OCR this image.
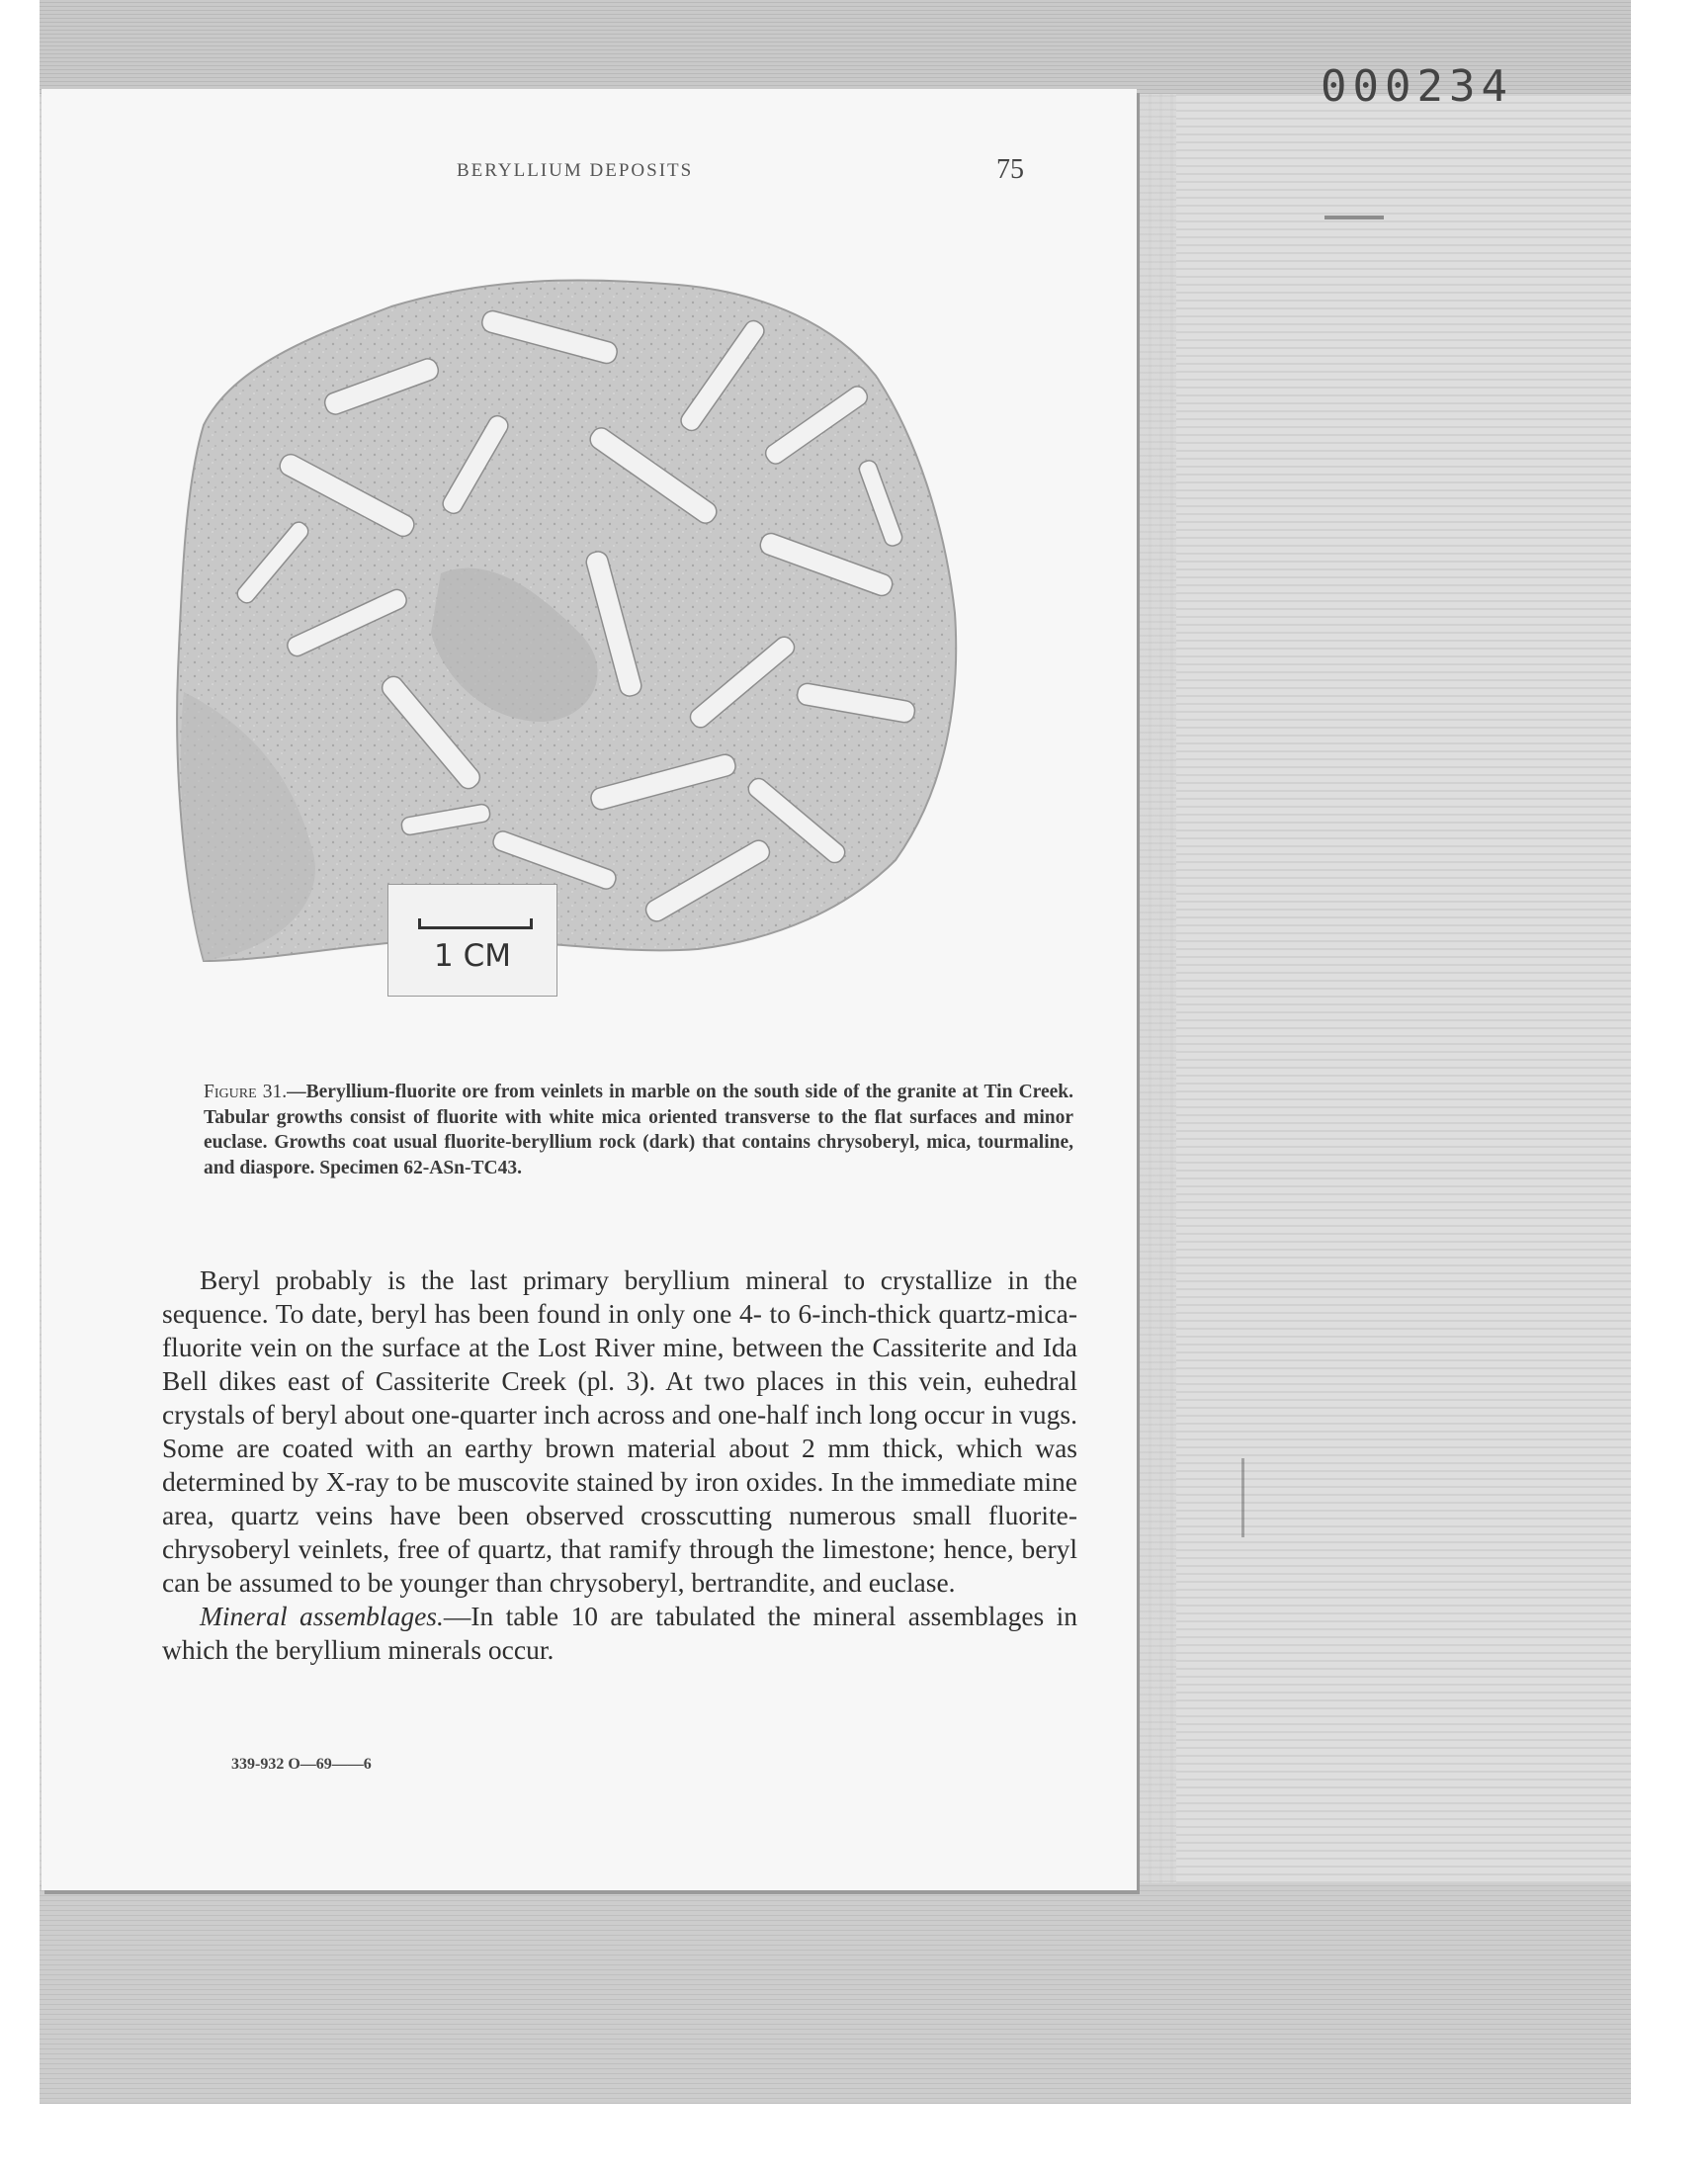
000234
BERYLLIUM DEPOSITS	75
1 CM
Figure 31.—Beryllium-fluorite ore from veinlets in marble on the south side of the granite at Tin Creek. Tabular growths consist of fluorite with white mica oriented transverse to the flat surfaces and minor euclase. Growths coat usual fluorite-beryllium rock (dark) that contains chrysoberyl, mica, tourmaline, and diaspore. Specimen 62-ASn-TC43.

Beryl probably is the last primary beryllium mineral to crystallize in the sequence. To date, beryl has been found in only one 4- to 6-inch-thick quartz-mica-fluorite vein on the surface at the Lost River mine, between the Cassiterite and Ida Bell dikes east of Cassiterite Creek (pl. 3). At two places in this vein, euhedral crystals of beryl about one-quarter inch across and one-half inch long occur in vugs. Some are coated with an earthy brown material about 2 mm thick, which was determined by X-ray to be muscovite stained by iron oxides. In the immediate mine area, quartz veins have been observed crosscutting numerous small fluorite-chrysoberyl veinlets, free of quartz, that ramify through the limestone; hence, beryl can be assumed to be younger than chrysoberyl, bertrandite, and euclase.

Mineral assemblages.—In table 10 are tabulated the mineral assemblages in which the beryllium minerals occur.

339-932 O—69——6
